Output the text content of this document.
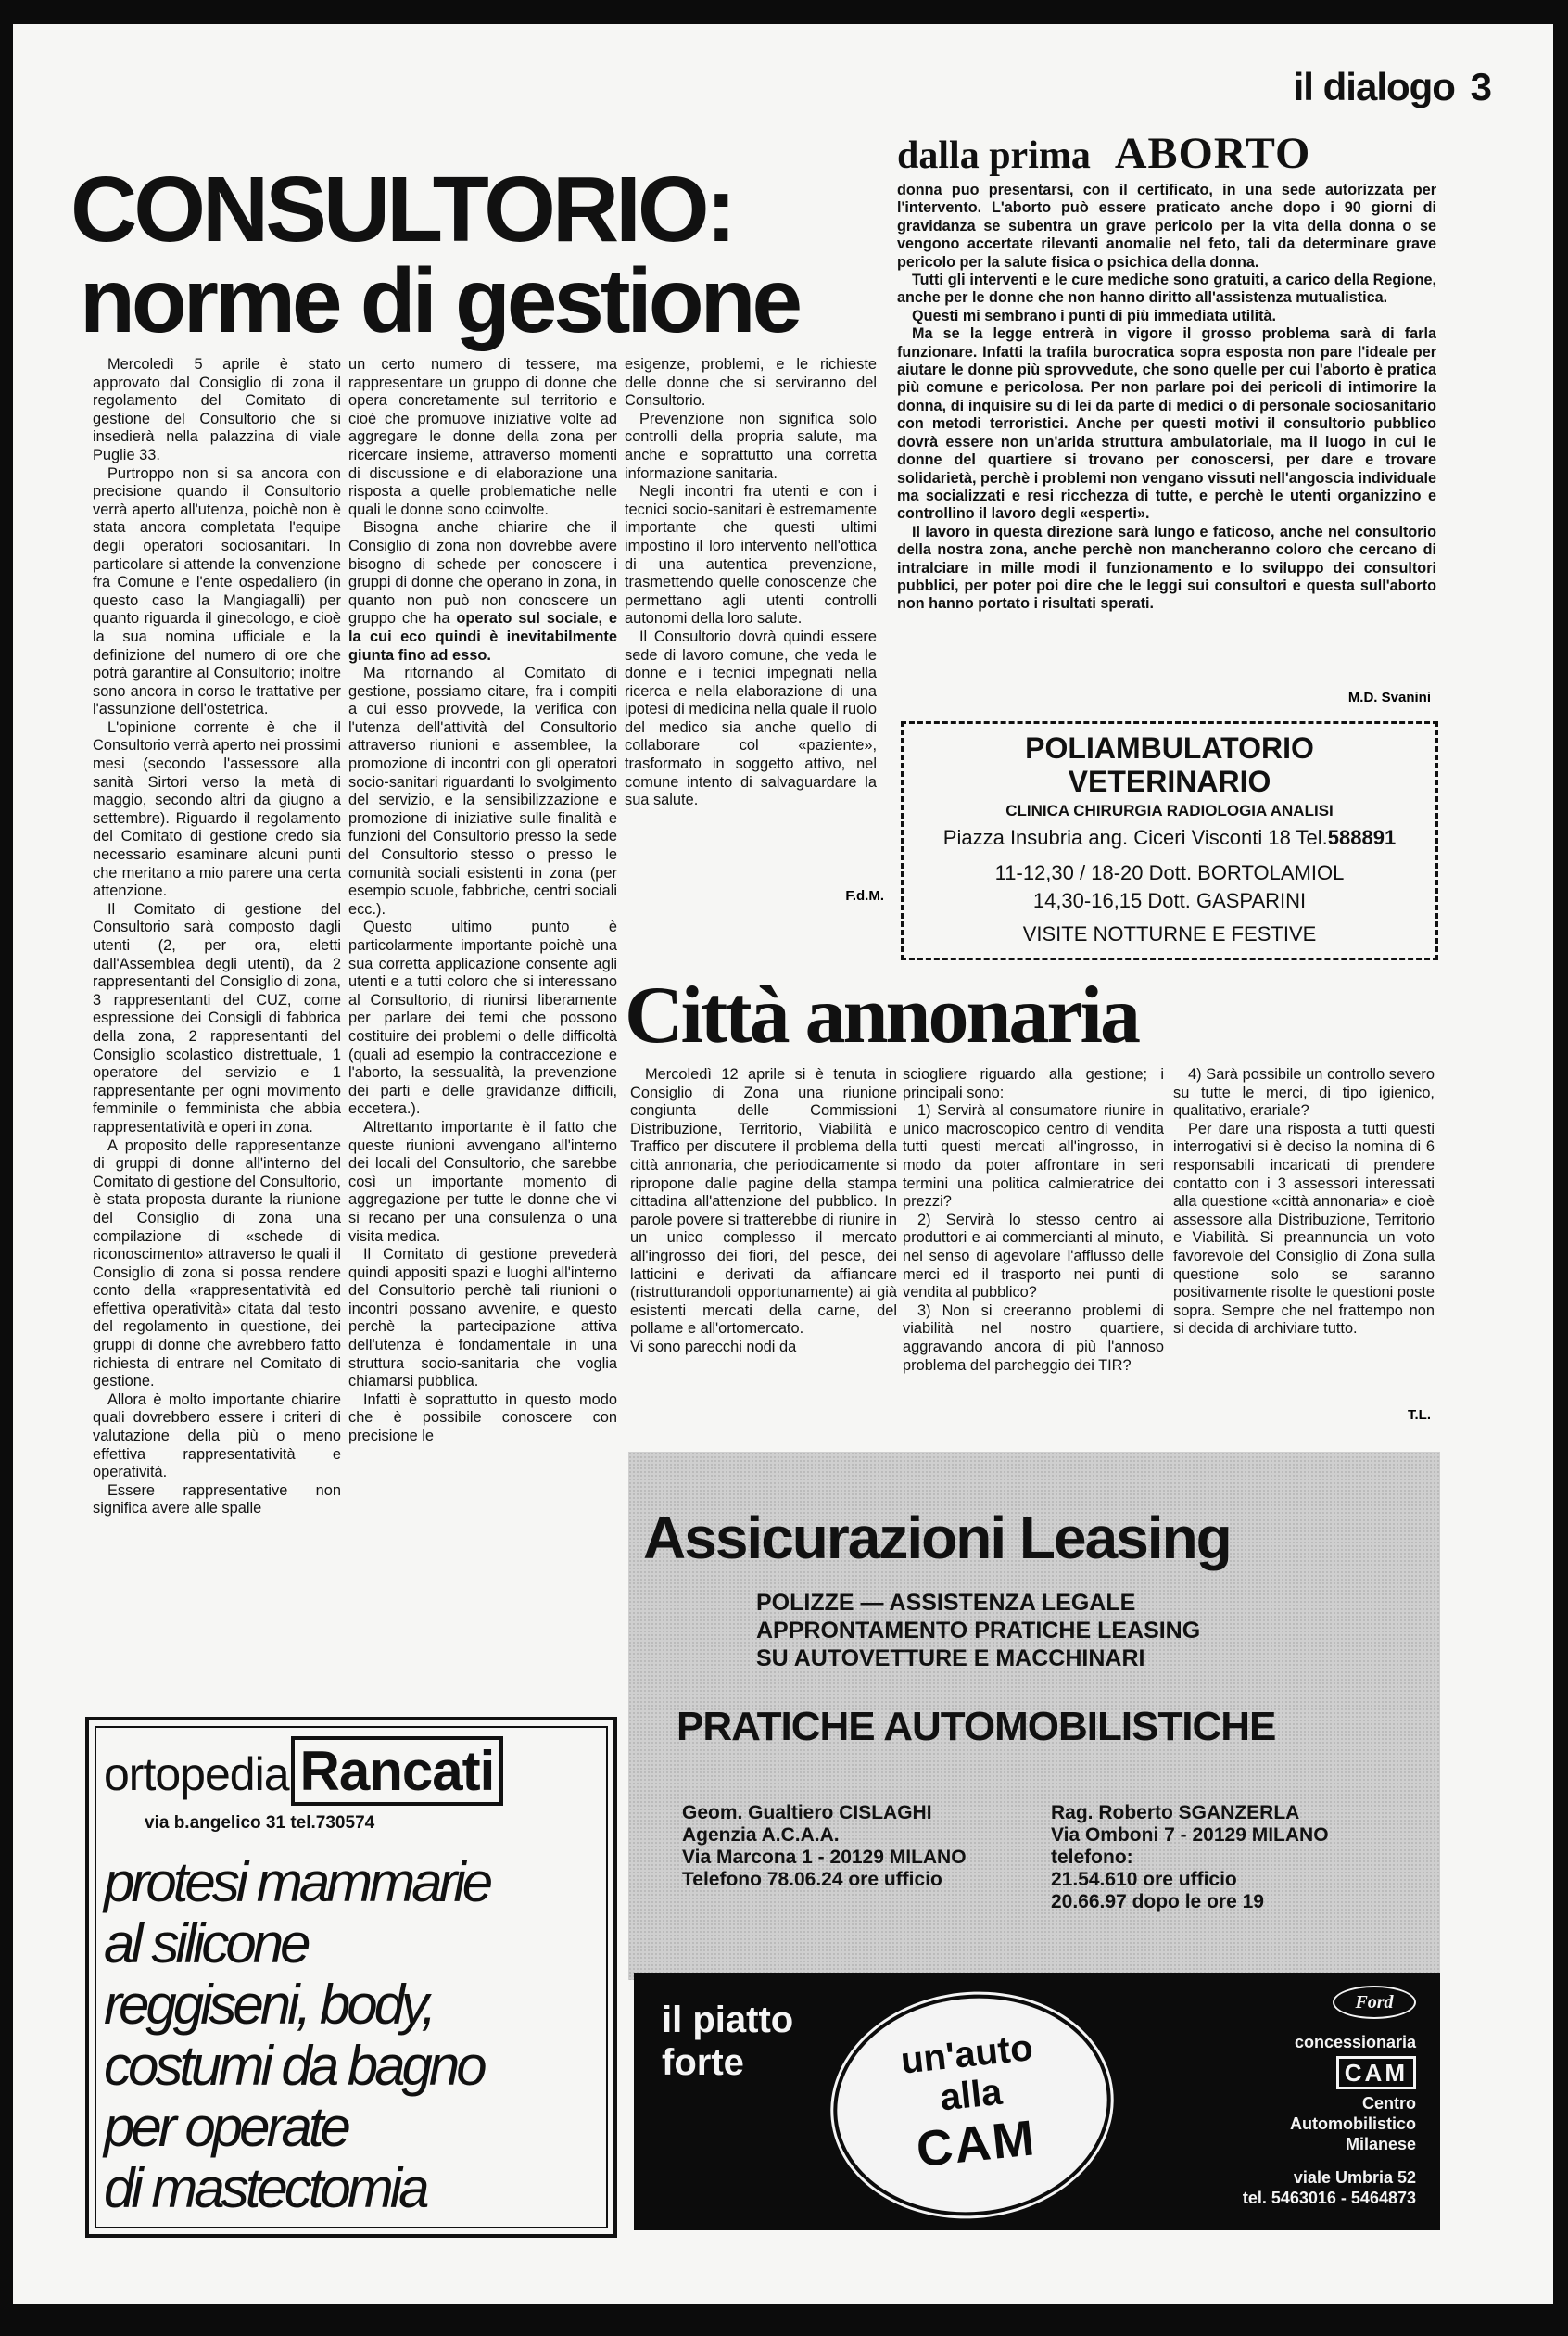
il dialogo 3
CONSULTORIO:
norme di gestione

Mercoledì 5 aprile è stato approvato dal Consiglio di zona il regolamento del Comitato di gestione del Consultorio che si insedierà nella palazzina di viale Puglie 33.

Purtroppo non si sa ancora con precisione quando il Consultorio verrà aperto all'utenza, poichè non è stata ancora completata l'equipe degli operatori sociosanitari. In particolare si attende la convenzione fra Comune e l'ente ospedaliero (in questo caso la Mangiagalli) per quanto riguarda il ginecologo, e cioè la sua nomina ufficiale e la definizione del numero di ore che potrà garantire al Consultorio; inoltre sono ancora in corso le trattative per l'assunzione dell'ostetrica.

L'opinione corrente è che il Consultorio verrà aperto nei prossimi mesi (secondo l'assessore alla sanità Sirtori verso la metà di maggio, secondo altri da giugno a settembre). Riguardo il regolamento del Comitato di gestione credo sia necessario esaminare alcuni punti che meritano a mio parere una certa attenzione.

Il Comitato di gestione del Consultorio sarà composto dagli utenti (2, per ora, eletti dall'Assemblea degli utenti), da 2 rappresentanti del Consiglio di zona, 3 rappresentanti del CUZ, come espressione dei Consigli di fabbrica della zona, 2 rappresentanti del Consiglio scolastico distrettuale, 1 operatore del servizio e 1 rappresentante per ogni movimento femminile o femminista che abbia rappresentatività e operi in zona.

A proposito delle rappresentanze di gruppi di donne all'interno del Comitato di gestione del Consultorio, è stata proposta durante la riunione del Consiglio di zona una compilazione di «schede di riconoscimento» attraverso le quali il Consiglio di zona si possa rendere conto della «rappresentatività ed effettiva operatività» citata dal testo del regolamento in questione, dei gruppi di donne che avrebbero fatto richiesta di entrare nel Comitato di gestione.

Allora è molto importante chiarire quali dovrebbero essere i criteri di valutazione della più o meno effettiva rappresentatività e operatività.

Essere rappresentative non significa avere alle spalle

un certo numero di tessere, ma rappresentare un gruppo di donne che opera concretamente sul territorio e cioè che promuove iniziative volte ad aggregare le donne della zona per ricercare insieme, attraverso momenti di discussione e di elaborazione una risposta a quelle problematiche nelle quali le donne sono coinvolte.

Bisogna anche chiarire che il Consiglio di zona non dovrebbe avere bisogno di schede per conoscere i gruppi di donne che operano in zona, in quanto non può non conoscere un gruppo che ha operato sul sociale, e la cui eco quindi è inevitabilmente giunta fino ad esso.

Ma ritornando al Comitato di gestione, possiamo citare, fra i compiti a cui esso provvede, la verifica con l'utenza dell'attività del Consultorio attraverso riunioni e assemblee, la promozione di incontri con gli operatori socio-sanitari riguardanti lo svolgimento del servizio, e la sensibilizzazione e promozione di iniziative sulle finalità e funzioni del Consultorio presso la sede del Consultorio stesso o presso le comunità sociali esistenti in zona (per esempio scuole, fabbriche, centri sociali ecc.).

Questo ultimo punto è particolarmente importante poichè una sua corretta applicazione consente agli utenti e a tutti coloro che si interessano al Consultorio, di riunirsi liberamente per parlare dei temi che possono costituire dei problemi o delle difficoltà (quali ad esempio la contraccezione e l'aborto, la sessualità, la prevenzione dei parti e delle gravidanze difficili, eccetera.).

Altrettanto importante è il fatto che queste riunioni avvengano all'interno dei locali del Consultorio, che sarebbe così un importante momento di aggregazione per tutte le donne che vi si recano per una consulenza o una visita medica.

Il Comitato di gestione prevederà quindi appositi spazi e luoghi all'interno del Consultorio perchè tali riunioni o incontri possano avvenire, e questo perchè la partecipazione attiva dell'utenza è fondamentale in una struttura socio-sanitaria che voglia chiamarsi pubblica.

Infatti è soprattutto in questo modo che è possibile conoscere con precisione le

esigenze, problemi, e le richieste delle donne che si serviranno del Consultorio.

Prevenzione non significa solo controlli della propria salute, ma anche e soprattutto una corretta informazione sanitaria.

Negli incontri fra utenti e con i tecnici socio-sanitari è estremamente importante che questi ultimi impostino il loro intervento nell'ottica di una autentica prevenzione, trasmettendo quelle conoscenze che permettano agli utenti controlli autonomi della loro salute.

Il Consultorio dovrà quindi essere sede di lavoro comune, che veda le donne e i tecnici impegnati nella ricerca e nella elaborazione di una ipotesi di medicina nella quale il ruolo del medico sia anche quello di collaborare col «paziente», trasformato in soggetto attivo, nel comune intento di salvaguardare la sua salute.

F.d.M.
dalla prima ABORTO

donna puo presentarsi, con il certificato, in una sede autorizzata per l'intervento. L'aborto può essere praticato anche dopo i 90 giorni di gravidanza se subentra un grave pericolo per la vita della donna o se vengono accertate rilevanti anomalie nel feto, tali da determinare grave pericolo per la salute fisica o psichica della donna.

Tutti gli interventi e le cure mediche sono gratuiti, a carico della Regione, anche per le donne che non hanno diritto all'assistenza mutualistica.

Questi mi sembrano i punti di più immediata utilità.

Ma se la legge entrerà in vigore il grosso problema sarà di farla funzionare. Infatti la trafila burocratica sopra esposta non pare l'ideale per aiutare le donne più sprovvedute, che sono quelle per cui l'aborto è pratica più comune e pericolosa. Per non parlare poi dei pericoli di intimorire la donna, di inquisire su di lei da parte di medici o di personale sociosanitario con metodi terroristici. Anche per questi motivi il consultorio pubblico dovrà essere non un'arida struttura ambulatoriale, ma il luogo in cui le donne del quartiere si trovano per conoscersi, per dare e trovare solidarietà, perchè i problemi non vengano vissuti nell'angoscia individuale ma socializzati e resi ricchezza di tutte, e perchè le utenti organizzino e controllino il lavoro degli «esperti».

Il lavoro in questa direzione sarà lungo e faticoso, anche nel consultorio della nostra zona, anche perchè non mancheranno coloro che cercano di intralciare in mille modi il funzionamento e lo sviluppo dei consultori pubblici, per poter poi dire che le leggi sui consultori e questa sull'aborto non hanno portato i risultati sperati.

M.D. Svanini
POLIAMBULATORIO
VETERINARIO
CLINICA CHIRURGIA RADIOLOGIA ANALISI
Piazza Insubria ang. Ciceri Visconti 18 Tel.588891
11-12,30 / 18-20 Dott. BORTOLAMIOL
14,30-16,15 Dott. GASPARINI
VISITE NOTTURNE E FESTIVE
Città annonaria

Mercoledì 12 aprile si è tenuta in Consiglio di Zona una riunione congiunta delle Commissioni Distribuzione, Territorio, Viabilità e Traffico per discutere il problema della città annonaria, che periodicamente si ripropone dalle pagine della stampa cittadina all'attenzione del pubblico. In parole povere si tratterebbe di riunire in un unico complesso il mercato all'ingrosso dei fiori, del pesce, dei latticini e derivati da affiancare (ristrutturandoli opportunamente) ai già esistenti mercati della carne, del pollame e all'ortomercato.

Vi sono parecchi nodi da

sciogliere riguardo alla gestione; i principali sono:

1) Servirà al consumatore riunire in unico macroscopico centro di vendita tutti questi mercati all'ingrosso, in modo da poter affrontare in seri termini una politica calmieratrice dei prezzi?

2) Servirà lo stesso centro ai produttori e ai commercianti al minuto, nel senso di agevolare l'afflusso delle merci ed il trasporto nei punti di vendita al pubblico?

3) Non si creeranno problemi di viabilità nel nostro quartiere, aggravando ancora di più l'annoso problema del parcheggio dei TIR?

4) Sarà possibile un controllo severo su tutte le merci, di tipo igienico, qualitativo, erariale?

Per dare una risposta a tutti questi interrogativi si è deciso la nomina di 6 responsabili incaricati di prendere contatto con i 3 assessori interessati alla questione «città annonaria» e cioè assessore alla Distribuzione, Territorio e Viabilità. Si preannuncia un voto favorevole del Consiglio di Zona sulla questione solo se saranno positivamente risolte le questioni poste sopra. Sempre che nel frattempo non si decida di archiviare tutto.

T.L.
Assicurazioni Leasing
POLIZZE — ASSISTENZA LEGALE
APPRONTAMENTO PRATICHE LEASING
SU AUTOVETTURE E MACCHINARI
PRATICHE AUTOMOBILISTICHE
Geom. Gualtiero CISLAGHI
Agenzia A.C.A.A.
Via Marcona 1 - 20129 MILANO
Telefono 78.06.24 ore ufficio
Rag. Roberto SGANZERLA
Via Omboni 7 - 20129 MILANO
telefono:
21.54.610 ore ufficio
20.66.97 dopo le ore 19
il piatto
forte	un'auto
alla
CAM
Ford
concessionaria
CAM
Centro
Automobilistico
Milanese
viale Umbria 52
tel. 5463016 - 5464873
ortopedia Rancati
via b.angelico 31 tel.730574
protesi mammarie
al silicone
reggiseni, body,
costumi da bagno
per operate
di mastectomia
